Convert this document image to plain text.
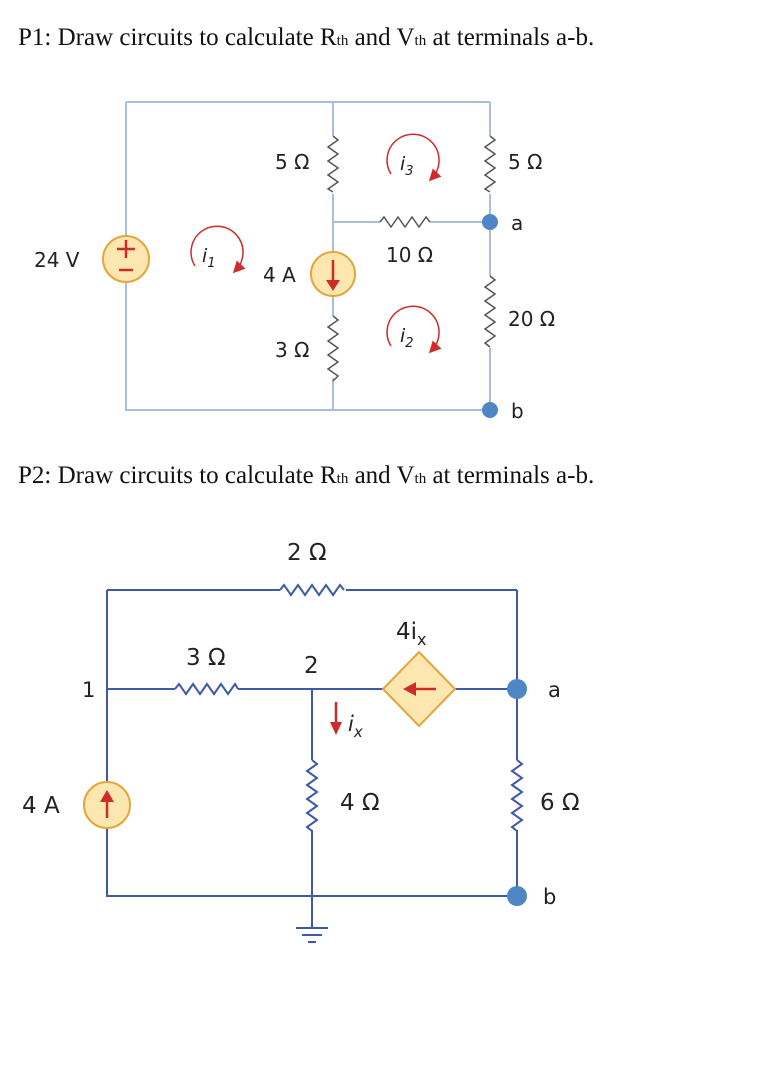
P1: Draw circuits to calculate Rth and Vth at terminals a-b.
P2: Draw circuits to calculate Rth and Vth at terminals a-b.
24 V
5 Ω	5 Ω
10 Ω
20 Ω
3 Ω
4 A
a
b
$i_1$
$i_3$
$i_2$
2 Ω
3 Ω
4 Ω	6 Ω
1
2
4 A
a
b
$4i_x$
$i_x$
